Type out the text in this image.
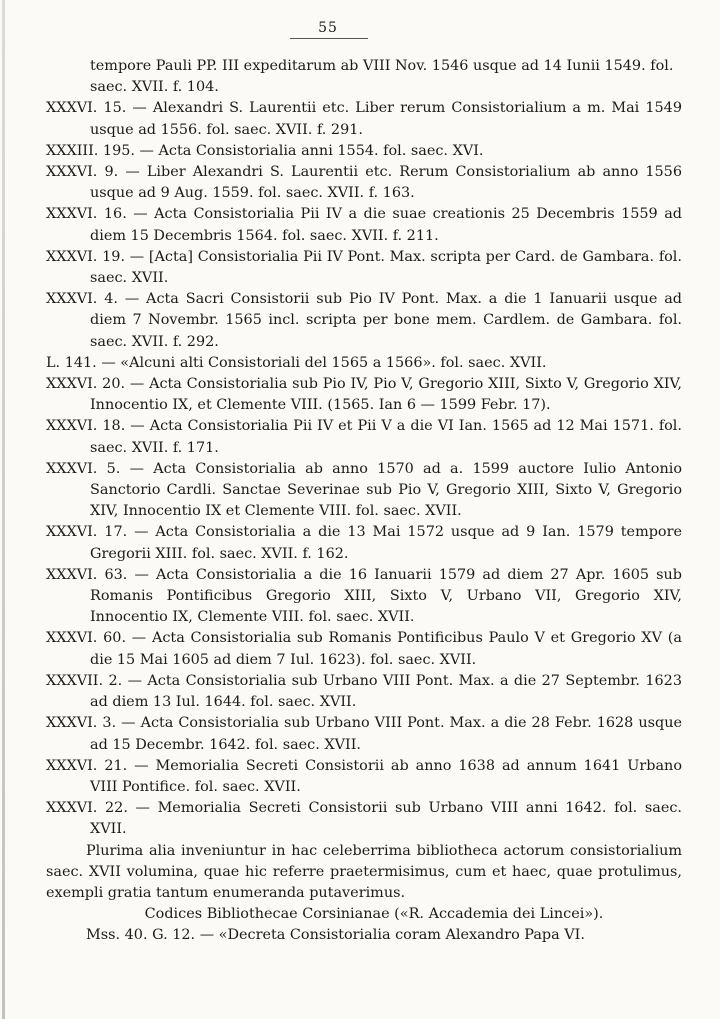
55
tempore Pauli PP. III expeditarum ab VIII Nov. 1546 usque ad 14 Iunii 1549. fol. saec. XVII. f. 104.
XXXVI. 15. — Alexandri S. Laurentii etc. Liber rerum Consistorialium a m. Mai 1549 usque ad 1556. fol. saec. XVII. f. 291.
XXXIII. 195. — Acta Consistorialia anni 1554. fol. saec. XVI.
XXXVI. 9. — Liber Alexandri S. Laurentii etc. Rerum Consistorialium ab anno 1556 usque ad 9 Aug. 1559. fol. saec. XVII. f. 163.
XXXVI. 16. — Acta Consistorialia Pii IV a die suae creationis 25 Decembris 1559 ad diem 15 Decembris 1564. fol. saec. XVII. f. 211.
XXXVI. 19. — [Acta] Consistorialia Pii IV Pont. Max. scripta per Card. de Gambara. fol. saec. XVII.
XXXVI. 4. — Acta Sacri Consistorii sub Pio IV Pont. Max. a die 1 Ianuarii usque ad diem 7 Novembr. 1565 incl. scripta per bone mem. Cardlem. de Gambara. fol. saec. XVII. f. 292.
L. 141. — «Alcuni alti Consistoriali del 1565 a 1566». fol. saec. XVII.
XXXVI. 20. — Acta Consistorialia sub Pio IV, Pio V, Gregorio XIII, Sixto V, Gregorio XIV, Innocentio IX, et Clemente VIII. (1565. Ian 6 — 1599 Febr. 17).
XXXVI. 18. — Acta Consistorialia Pii IV et Pii V a die VI Ian. 1565 ad 12 Mai 1571. fol. saec. XVII. f. 171.
XXXVI. 5. — Acta Consistorialia ab anno 1570 ad a. 1599 auctore Iulio Antonio Sanctorio Cardli. Sanctae Severinae sub Pio V, Gregorio XIII, Sixto V, Gregorio XIV, Innocentio IX et Clemente VIII. fol. saec. XVII.
XXXVI. 17. — Acta Consistorialia a die 13 Mai 1572 usque ad 9 Ian. 1579 tempore Gregorii XIII. fol. saec. XVII. f. 162.
XXXVI. 63. — Acta Consistorialia a die 16 Ianuarii 1579 ad diem 27 Apr. 1605 sub Romanis Pontificibus Gregorio XIII, Sixto V, Urbano VII, Gregorio XIV, Innocentio IX, Clemente VIII. fol. saec. XVII.
XXXVI. 60. — Acta Consistorialia sub Romanis Pontificibus Paulo V et Gregorio XV (a die 15 Mai 1605 ad diem 7 Iul. 1623). fol. saec. XVII.
XXXVII. 2. — Acta Consistorialia sub Urbano VIII Pont. Max. a die 27 Septembr. 1623 ad diem 13 Iul. 1644. fol. saec. XVII.
XXXVI. 3. — Acta Consistorialia sub Urbano VIII Pont. Max. a die 28 Febr. 1628 usque ad 15 Decembr. 1642. fol. saec. XVII.
XXXVI. 21. — Memorialia Secreti Consistorii ab anno 1638 ad annum 1641 Urbano VIII Pontifice. fol. saec. XVII.
XXXVI. 22. — Memorialia Secreti Consistorii sub Urbano VIII anni 1642. fol. saec. XVII.
Plurima alia inveniuntur in hac celeberrima bibliotheca actorum consistorialium saec. XVII volumina, quae hic referre praetermisimus, cum et haec, quae protulimus, exempli gratia tantum enumeranda putaverimus.
Codices Bibliothecae Corsinianae («R. Accademia dei Lincei»).
Mss. 40. G. 12. — «Decreta Consistorialia coram Alexandro Papa VI.
